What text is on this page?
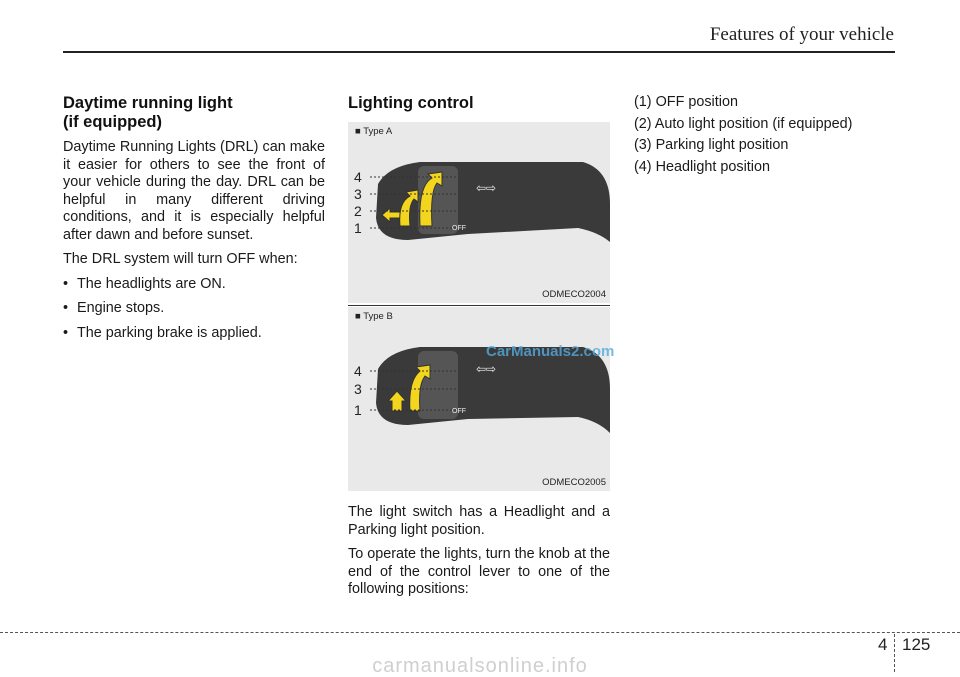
Features of your vehicle
Daytime running light
(if equipped)

Daytime Running Lights (DRL) can make it easier for others to see the front of your vehicle during the day. DRL can be helpful in many different driving conditions, and it is especially helpful after dawn and before sunset.

The DRL system will turn OFF when:

• The headlights are ON.
• Engine stops.
• The parking brake is applied.
Lighting control
⇦⇨
OFF
4
3
2
1
■ Type A
ODMECO2004
⇦⇨
OFF
4
3
1
■ Type B
ODMECO2005
CarManuals2.com

The light switch has a Headlight and a Parking light position.

To operate the lights, turn the knob at the end of the control lever to one of the following positions:

(1) OFF position
(2) Auto light position (if equipped)
(3) Parking light position
(4) Headlight position
4 125
carmanualsonline.info
